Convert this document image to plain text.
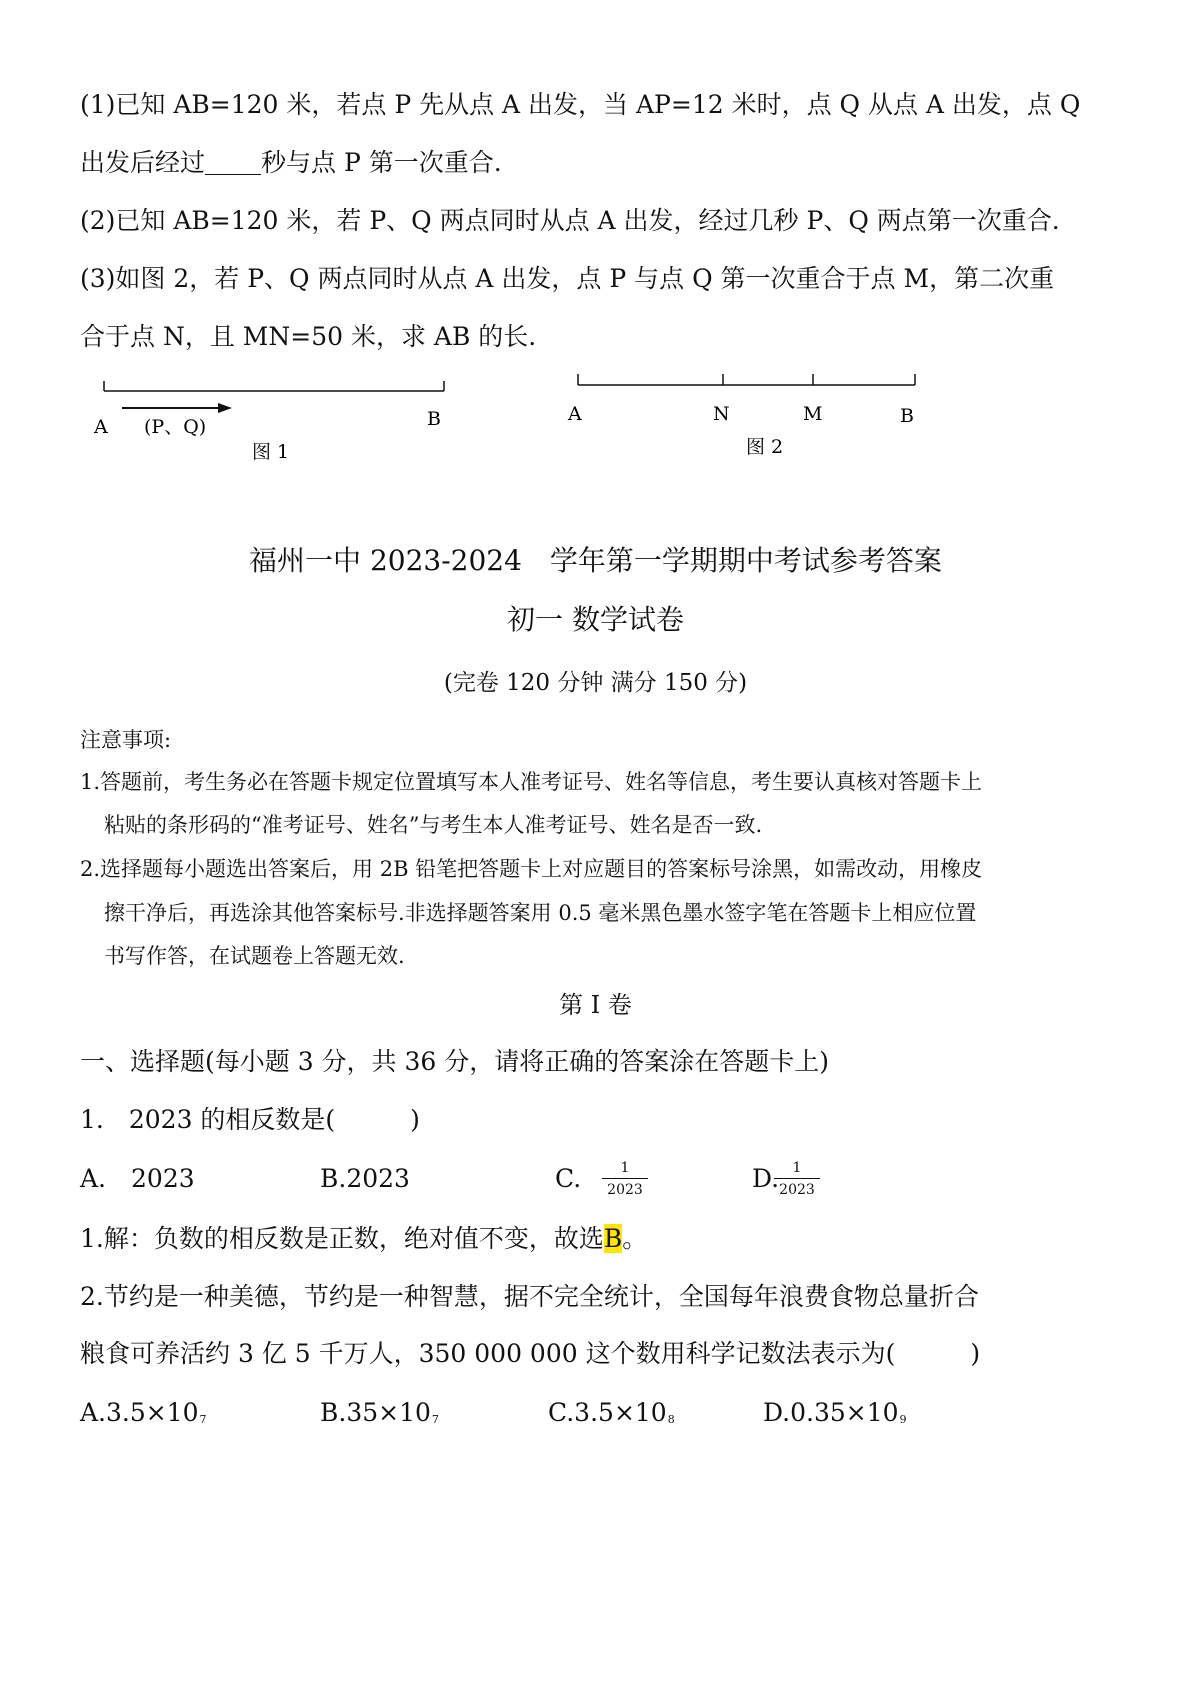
(1)已知 AB=120 米，若点 P 先从点 A 出发，当 AP=12 米时，点 Q 从点 A 出发，点 Q
出发后经过 秒与点 P 第一次重合.
(2)已知 AB=120 米，若 P、Q 两点同时从点 A 出发，经过几秒 P、Q 两点第一次重合.
(3)如图 2，若 P、Q 两点同时从点 A 出发，点 P 与点 Q 第一次重合于点 M，第二次重
合于点 N，且 MN=50 米，求 AB 的长.
A (P、Q)	B
图 1
A	N	M	B
图 2
福州一中 2023-2024　学年第一学期期中考试参考答案
初一 数学试卷
(完卷 120 分钟 满分 150 分)
注意事项:
1.答题前，考生务必在答题卡规定位置填写本人准考证号、姓名等信息，考生要认真核对答题卡上
粘贴的条形码的“准考证号、姓名”与考生本人准考证号、姓名是否一致.
2.选择题每小题选出答案后，用 2B 铅笔把答题卡上对应题目的答案标号涂黑，如需改动，用橡皮
擦干净后，再选涂其他答案标号.非选择题答案用 0.5 毫米黑色墨水签字笔在答题卡上相应位置
书写作答，在试题卷上答题无效.
第 I 卷
一、选择题(每小题 3 分，共 36 分，请将正确的答案涂在答题卡上)
1.　2023 的相反数是(　　　)
A.　2023	B.2023	C. $\frac{1}{2023}$	D.
$\frac{1}{2023}$
1.解：负数的相反数是正数，绝对值不变，故选B。
2.节约是一种美德，节约是一种智慧，据不完全统计，全国每年浪费食物总量折合
粮食可养活约 3 亿 5 千万人，350 000 000 这个数用科学记数法表示为(　　　)
A.3.5×107	B.35×107	C.3.5×108	D.0.35×109
